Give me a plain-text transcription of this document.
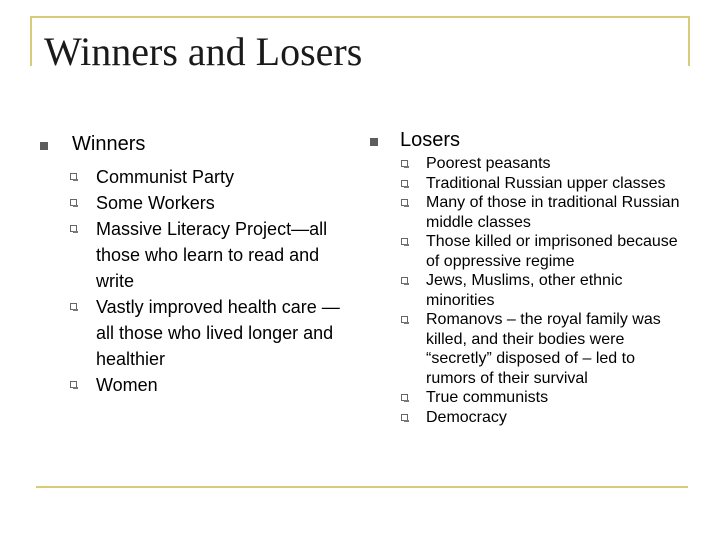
Winners and Losers
Winners
Communist Party
Some Workers
Massive Literacy Project—all those who learn to read and write
Vastly improved health care —all those who lived longer and healthier
Women
Losers
Poorest peasants
Traditional Russian upper classes
Many of those in traditional Russian middle classes
Those killed or imprisoned because of oppressive regime
Jews, Muslims, other ethnic minorities
Romanovs – the royal family was killed, and their bodies were “secretly” disposed of – led to rumors of their survival
True communists
Democracy
